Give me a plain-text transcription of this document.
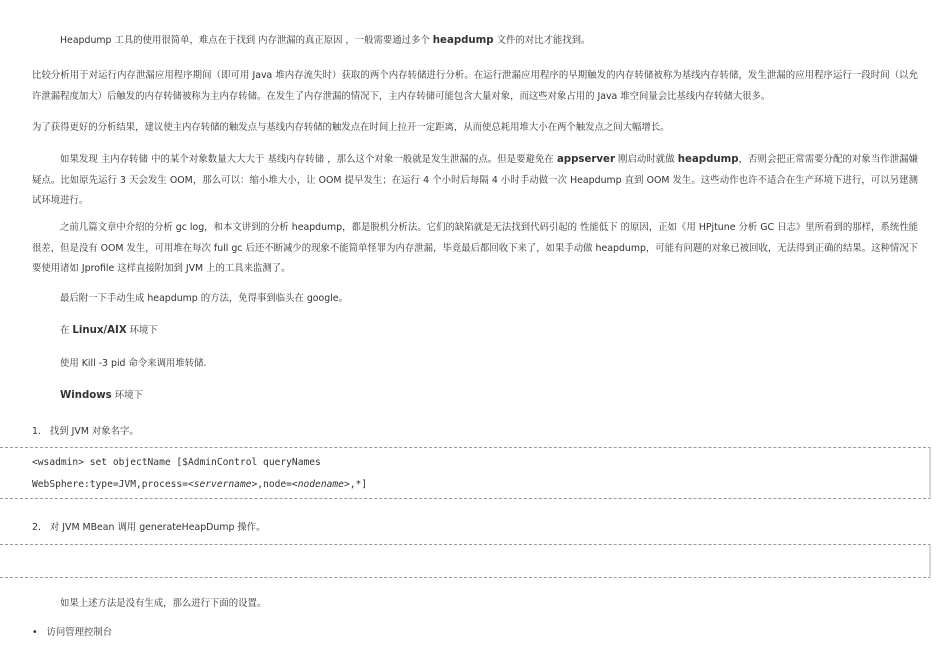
Heapdump 工具的使用很简单，难点在于找到 内存泄漏的真正原因 ，一般需要通过多个 heapdump 文件的对比才能找到。

比较分析用于对运行内存泄漏应用程序期间（即可用 Java 堆内存流失时）获取的两个内存转储进行分析。在运行泄漏应用程序的早期触发的内存转储被称为基线内存转储，发生泄漏的应用程序运行一段时间（以允许泄漏程度加大）后触发的内存转储被称为主内存转储。在发生了内存泄漏的情况下，主内存转储可能包含大量对象，而这些对象占用的 Java 堆空间量会比基线内存转储大很多。

为了获得更好的分析结果，建议使主内存转储的触发点与基线内存转储的触发点在时间上拉开一定距离，从而使总耗用堆大小在两个触发点之间大幅增长。

如果发现 主内存转储 中的某个对象数量大大大于 基线内存转储 ，那么这个对象一般就是发生泄漏的点。但是要避免在 appserver 刚启动时就做 heapdump，否则会把正常需要分配的对象当作泄漏嫌疑点。比如原先运行 3 天会发生 OOM，那么可以：缩小堆大小，让 OOM 提早发生；在运行 4 个小时后每隔 4 小时手动做一次 Heapdump 直到 OOM 发生。这些动作也许不适合在生产环境下进行，可以另建测试环境进行。

之前几篇文章中介绍的分析 gc log，和本文讲到的分析 heapdump，都是脱机分析法。它们的缺陷就是无法找到代码引起的 性能低下 的原因，正如《用 HPjtune 分析 GC 日志》里所看到的那样，系统性能很差，但是没有 OOM 发生，可用堆在每次 full gc 后还不断减少的现象不能简单怪罪为内存泄漏，毕竟最后都回收下来了，如果手动做 heapdump，可能有问题的对象已被回收，无法得到正确的结果。这种情况下要使用诸如 Jprofile 这样直接附加到 JVM 上的工具来监测了。

最后附一下手动生成 heapdump 的方法，免得事到临头在 google。

在 Linux/AIX 环境下

使用 Kill -3 pid 命令来调用堆转储.

Windows 环境下

1. 找到 JVM 对象名字。

<wsadmin> set objectName [$AdminControl queryNames

WebSphere:type=JVM,process=<servername>,node=<nodename>,*]

2. 对 JVM MBean 调用 generateHeapDump 操作。

如果上述方法是没有生成，那么进行下面的设置。

• 访问管理控制台
